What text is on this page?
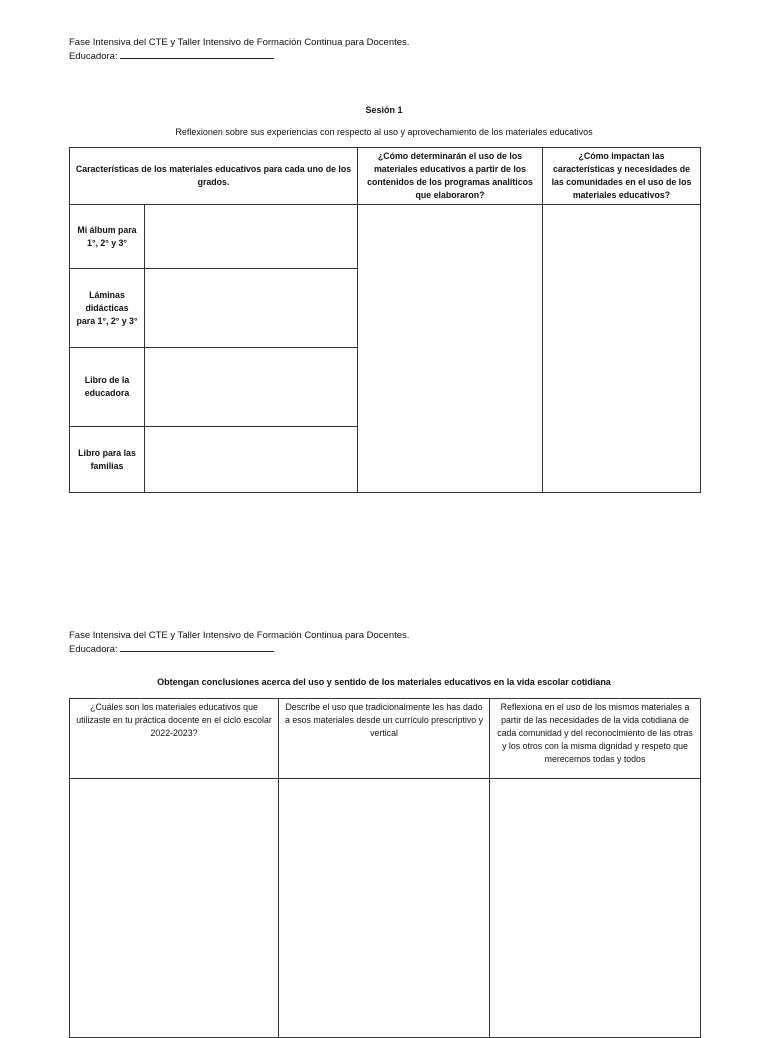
Fase Intensiva del CTE y Taller Intensivo de Formación Continua para Docentes.
Educadora:
Sesión 1
Reflexionen sobre sus experiencias con respecto al uso y aprovechamiento de los materiales educativos
Características de los materiales educativos para cada uno de los grados.		¿Cómo determinarán el uso de los materiales educativos a partir de los contenidos de los programas analíticos que elaboraron?	¿Cómo impactan las características y necesidades de las comunidades en el uso de los materiales educativos?
Mi álbum para 1°, 2° y 3°			
Láminas didácticas para 1°, 2° y 3°			
Libro de la educadora			
Libro para las familias			
Fase Intensiva del CTE y Taller Intensivo de Formación Continua para Docentes.
Educadora:
Obtengan conclusiones acerca del uso y sentido de los materiales educativos en la vida escolar cotidiana
¿Cuáles son los materiales educativos que utilizaste en tu práctica docente en el ciclo escolar 2022-2023?	Describe el uso que tradicionalmente les has dado a esos materiales desde un currículo prescriptivo y vertical	Reflexiona en el uso de los mismos materiales a partir de las necesidades de la vida cotidiana de cada comunidad y del reconocimiento de las otras y los otros con la misma dignidad y respeto que merecemos todas y todos
